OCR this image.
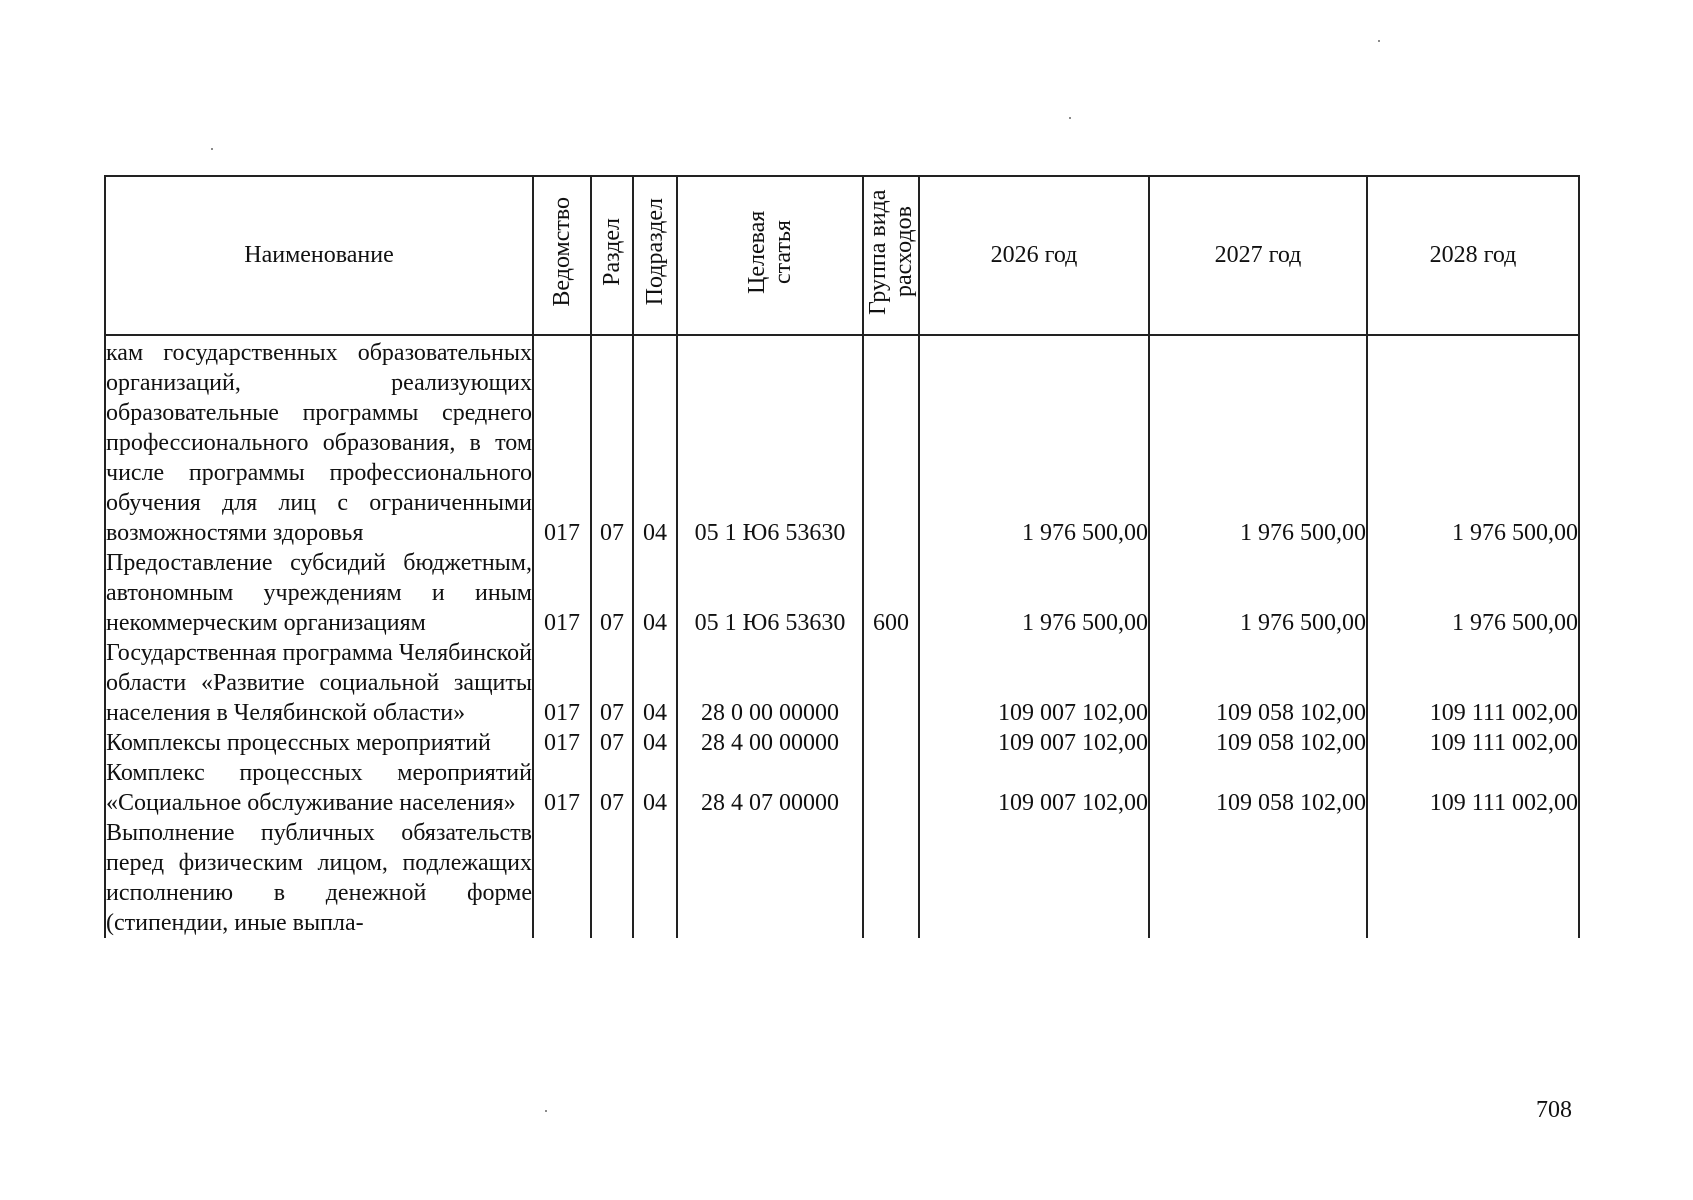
Наименование	Ведомство	Раздел	Подраздел	Целевая статья	Группа вида расходов	2026 год	2027 год	2028 год
кам государственных образовательных организаций, реализующих образовательные программы среднего профессионального образования, в том числе программы профессионального обучения для лиц с ограниченными возможностями здоровья	017	07	04	05 1 Ю6 53630		1 976 500,00	1 976 500,00	1 976 500,00
Предоставление субсидий бюджетным, автономным учреждениям и иным некоммерческим организациям	017	07	04	05 1 Ю6 53630	600	1 976 500,00	1 976 500,00	1 976 500,00
Государственная программа Челябинской области «Развитие социальной защиты населения в Челябинской области»	017	07	04	28 0 00 00000		109 007 102,00	109 058 102,00	109 111 002,00
Комплексы процессных мероприятий	017	07	04	28 4 00 00000		109 007 102,00	109 058 102,00	109 111 002,00
Комплекс процессных мероприятий «Социальное обслуживание населения»	017	07	04	28 4 07 00000		109 007 102,00	109 058 102,00	109 111 002,00
Выполнение публичных обязательств перед физическим лицом, подлежащих исполнению в денежной форме (стипендии, иные выпла-								
708
